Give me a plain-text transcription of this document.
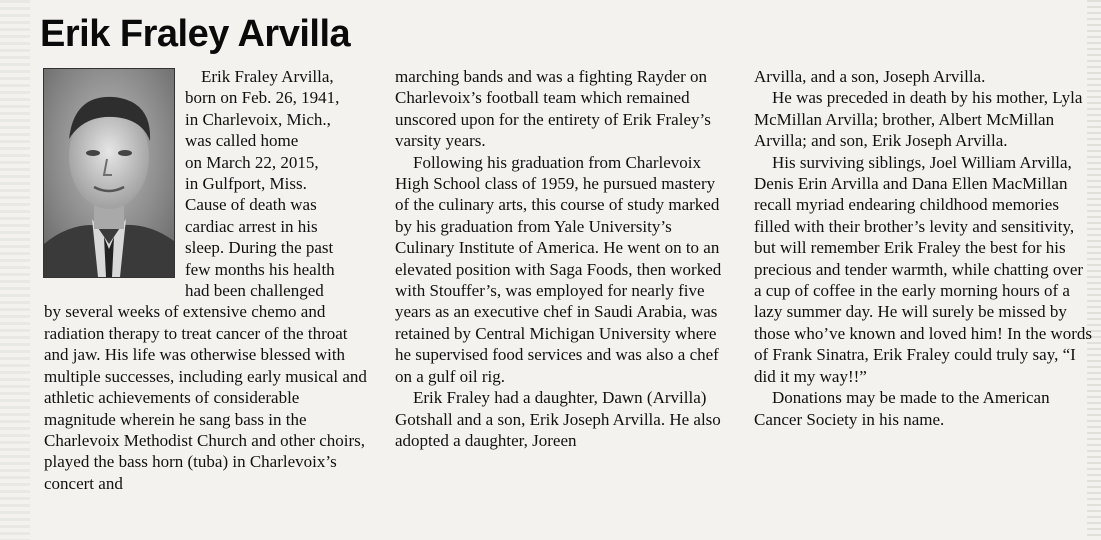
Erik Fraley Arvilla
Erik Fraley Arvilla,
born on Feb. 26, 1941,
in Charlevoix, Mich.,
was called home
on March 22, 2015,
in Gulfport, Miss.
Cause of death was
cardiac arrest in his
sleep. During the past
few months his health
had been challenged

by several weeks of extensive chemo and radiation therapy to treat cancer of the throat and jaw. His life was otherwise blessed with multiple successes, including early musical and athletic achievements of considerable magnitude wherein he sang bass in the Charlevoix Methodist Church and other choirs, played the bass horn (tuba) in Charlevoix’s concert and

marching bands and was a fighting Rayder on Charlevoix’s football team which remained unscored upon for the entirety of Erik Fraley’s varsity years.

Following his graduation from Charlevoix High School class of 1959, he pursued mastery of the culinary arts, this course of study marked by his graduation from Yale University’s Culinary Institute of America. He went on to an elevated position with Saga Foods, then worked with Stouffer’s, was employed for nearly five years as an executive chef in Saudi Arabia, was retained by Central Michigan University where he supervised food services and was also a chef on a gulf oil rig.

Erik Fraley had a daughter, Dawn (Arvilla) Gotshall and a son, Erik Joseph Arvilla. He also adopted a daughter, Joreen

Arvilla, and a son, Joseph Arvilla.

He was preceded in death by his mother, Lyla McMillan Arvilla; brother, Albert McMillan Arvilla; and son, Erik Joseph Arvilla.

His surviving siblings, Joel William Arvilla, Denis Erin Arvilla and Dana Ellen MacMillan recall myriad endearing childhood memories filled with their brother’s levity and sensitivity, but will remember Erik Fraley the best for his precious and tender warmth, while chatting over a cup of coffee in the early morning hours of a lazy summer day. He will surely be missed by those who’ve known and loved him! In the words of Frank Sinatra, Erik Fraley could truly say, “I did it my way!!”

Donations may be made to the American Cancer Society in his name.
